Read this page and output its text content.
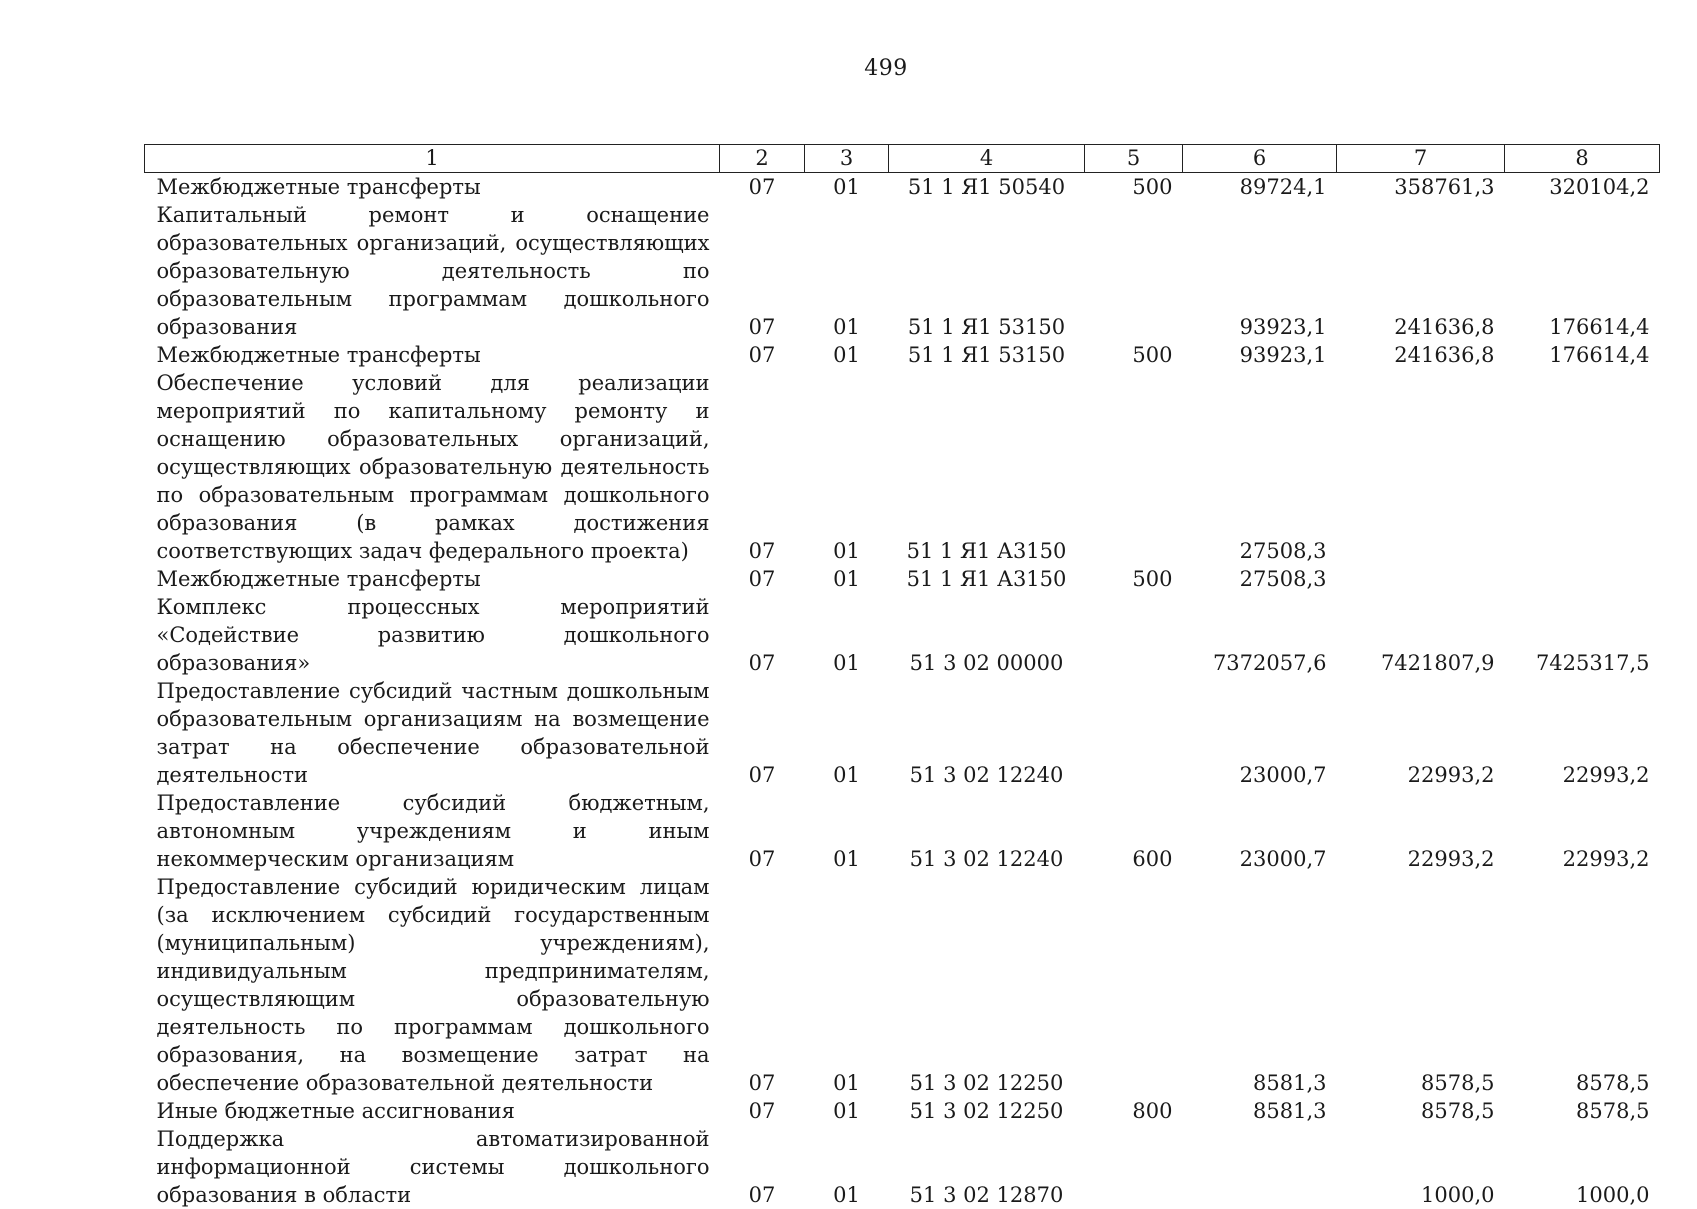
499
1	2	3	4	5	6	7	8
Межбюджетные трансферты	07	01	51 1 Я1 50540	500	89724,1	358761,3	320104,2
Капитальный ремонт и оснащение образовательных организаций, осуществляющих образовательную деятельность по образовательным программам дошкольного образования	07	01	51 1 Я1 53150		93923,1	241636,8	176614,4
Межбюджетные трансферты	07	01	51 1 Я1 53150	500	93923,1	241636,8	176614,4
Обеспечение условий для реализации мероприятий по капитальному ремонту и оснащению образовательных организаций, осуществляющих образовательную деятельность по образовательным программам дошкольного образования (в рамках достижения соответствующих задач федерального проекта)	07	01	51 1 Я1 А3150		27508,3		
Межбюджетные трансферты	07	01	51 1 Я1 А3150	500	27508,3		
Комплекс процессных мероприятий «Содействие развитию дошкольного образования»	07	01	51 3 02 00000		7372057,6	7421807,9	7425317,5
Предоставление субсидий частным дошкольным образовательным организациям на возмещение затрат на обеспечение образовательной деятельности	07	01	51 3 02 12240		23000,7	22993,2	22993,2
Предоставление субсидий бюджетным, автономным учреждениям и иным некоммерческим организациям	07	01	51 3 02 12240	600	23000,7	22993,2	22993,2
Предоставление субсидий юридическим лицам (за исключением субсидий государственным (муниципальным) учреждениям), индивидуальным предпринимателям, осуществляющим образовательную деятельность по программам дошкольного образования, на возмещение затрат на обеспечение образовательной деятельности	07	01	51 3 02 12250		8581,3	8578,5	8578,5
Иные бюджетные ассигнования	07	01	51 3 02 12250	800	8581,3	8578,5	8578,5
Поддержка автоматизированной информационной системы дошкольного образования в области	07	01	51 3 02 12870			1000,0	1000,0
